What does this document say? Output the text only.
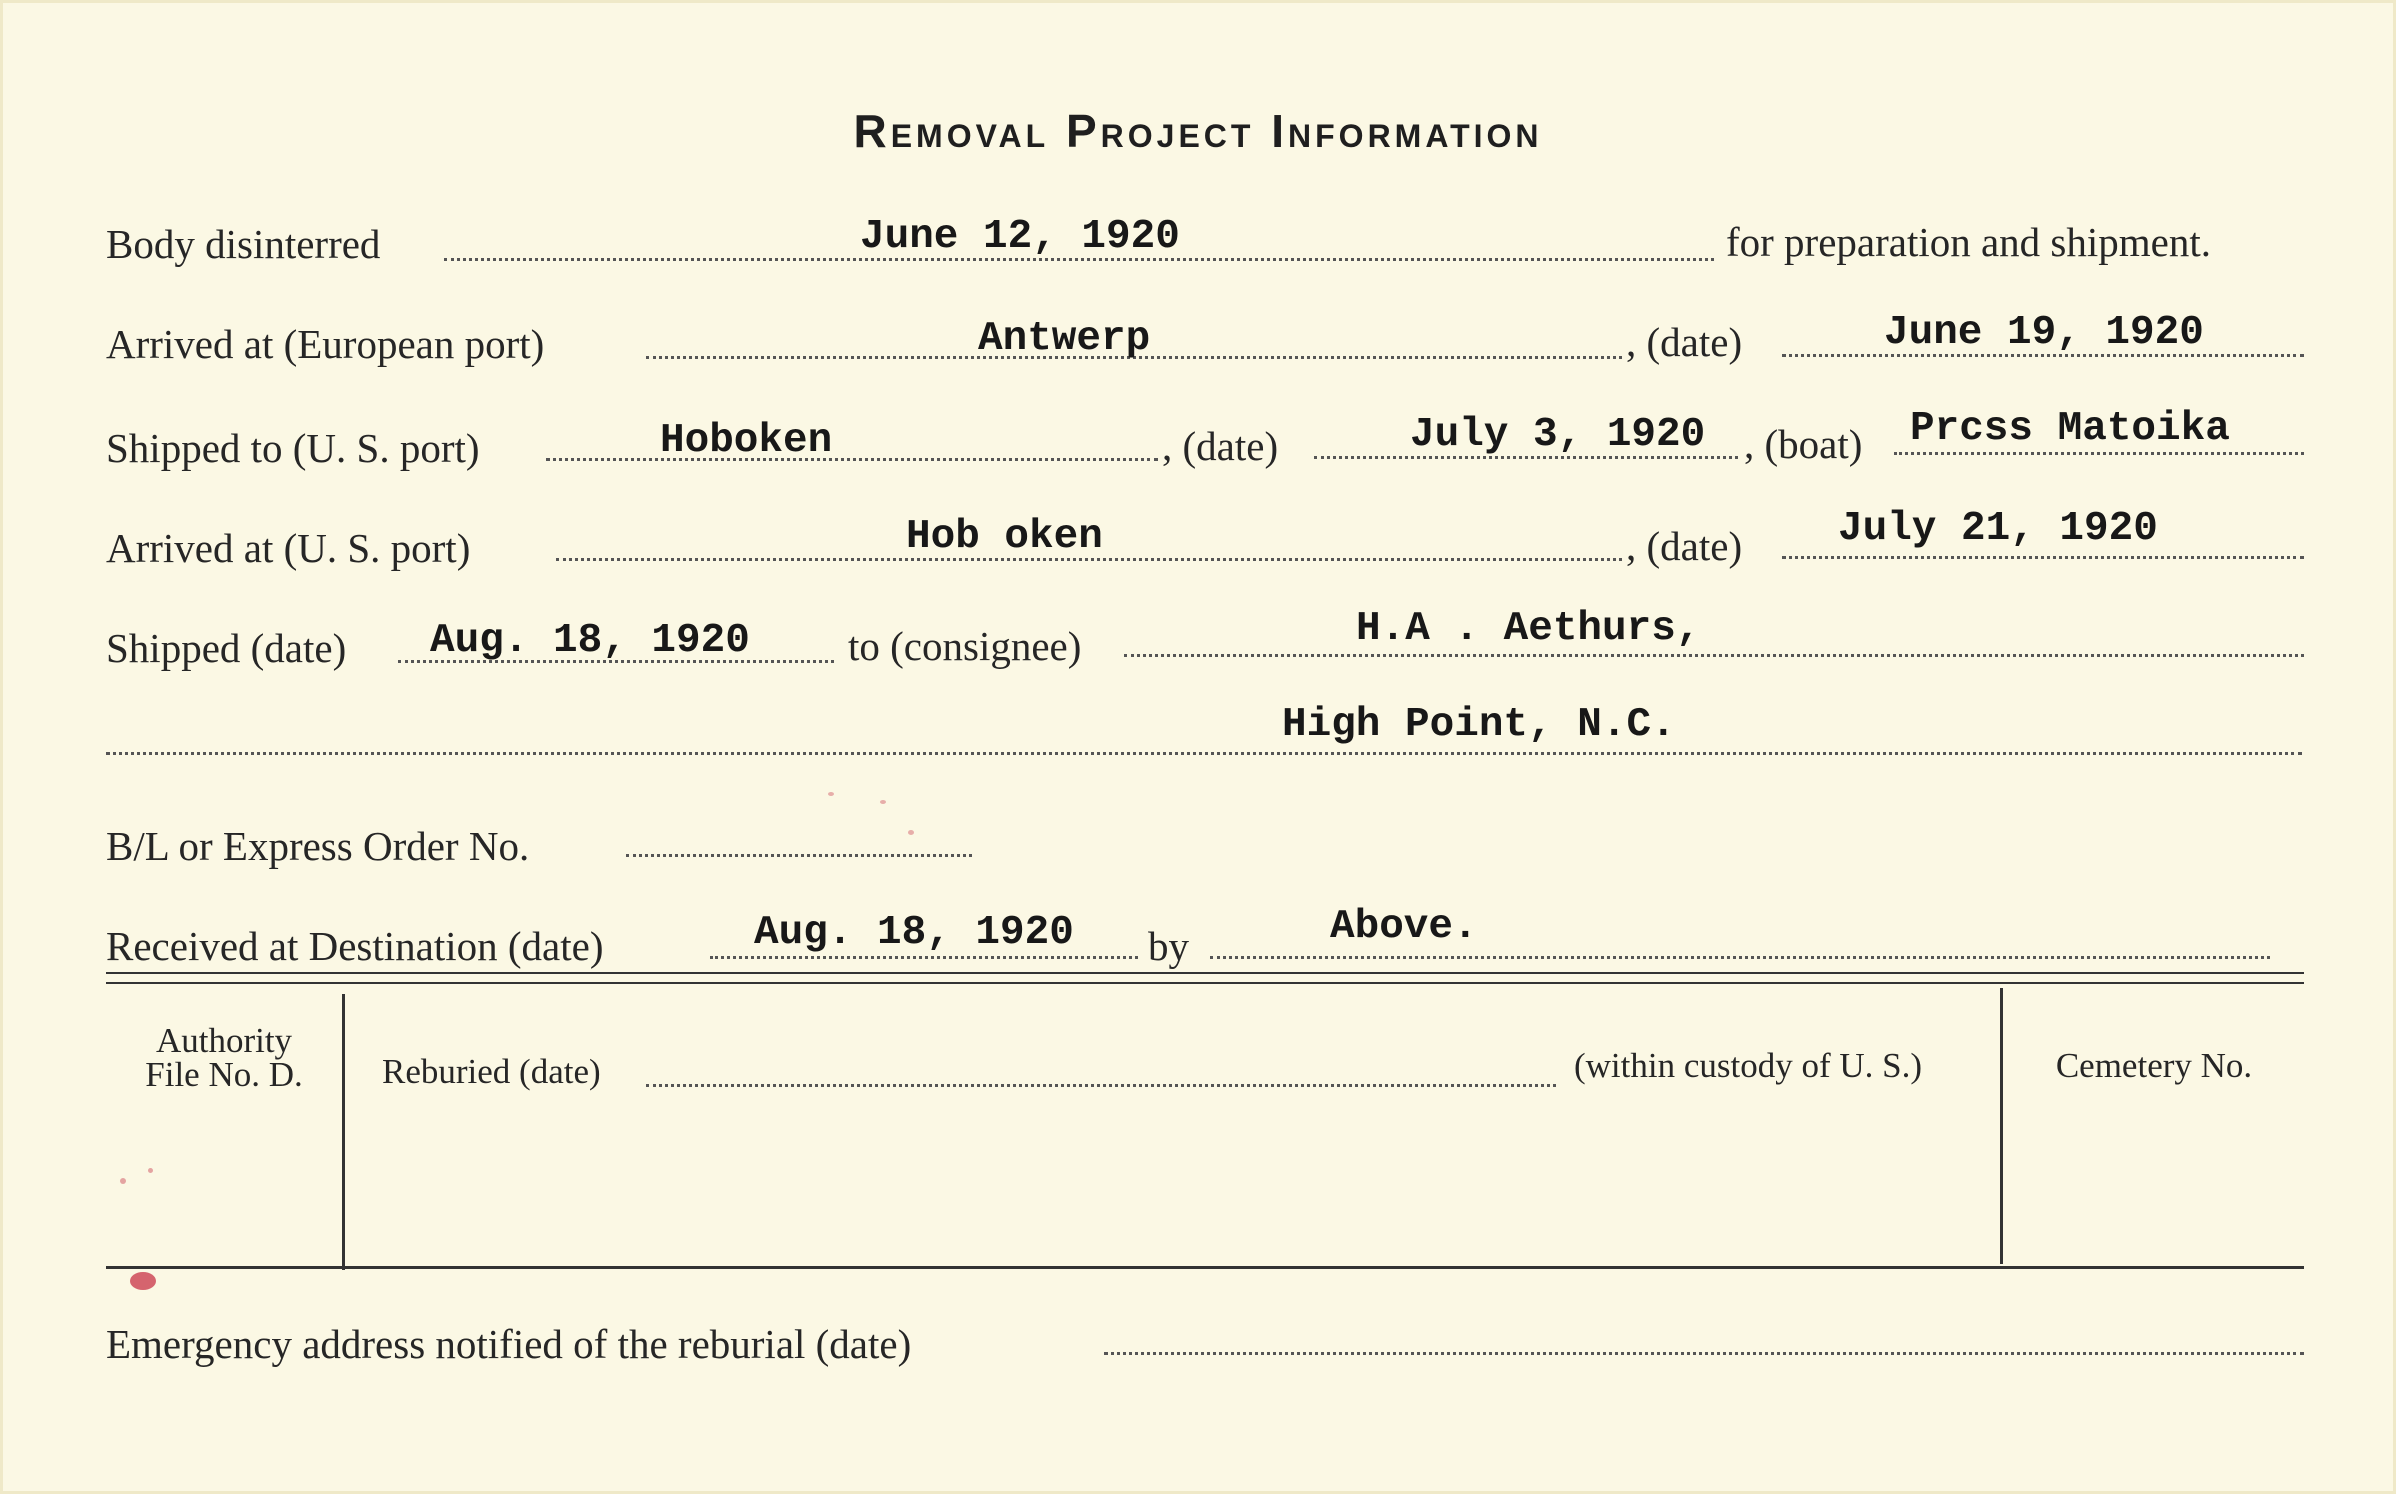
Removal Project Information
Body disinterred	June 12, 1920	for preparation and shipment.
Arrived at (European port)	Antwerp	, (date)	June 19, 1920
Shipped to (U. S. port)	Hoboken	, (date)	July 3, 1920 , (boat) Prcss Matoika
Arrived at (U. S. port)	Hob oken	, (date) July 21, 1920
Shipped (date) Aug. 18, 1920 to (consignee)	H.A . Aethurs,
High Point, N.C.
B/L or Express Order No.
Received at Destination (date)	Aug. 18, 1920 by	Above.
Authority
File No. D.	Reburied (date)	(within custody of U. S.)	Cemetery No.
Emergency address notified of the reburial (date)
